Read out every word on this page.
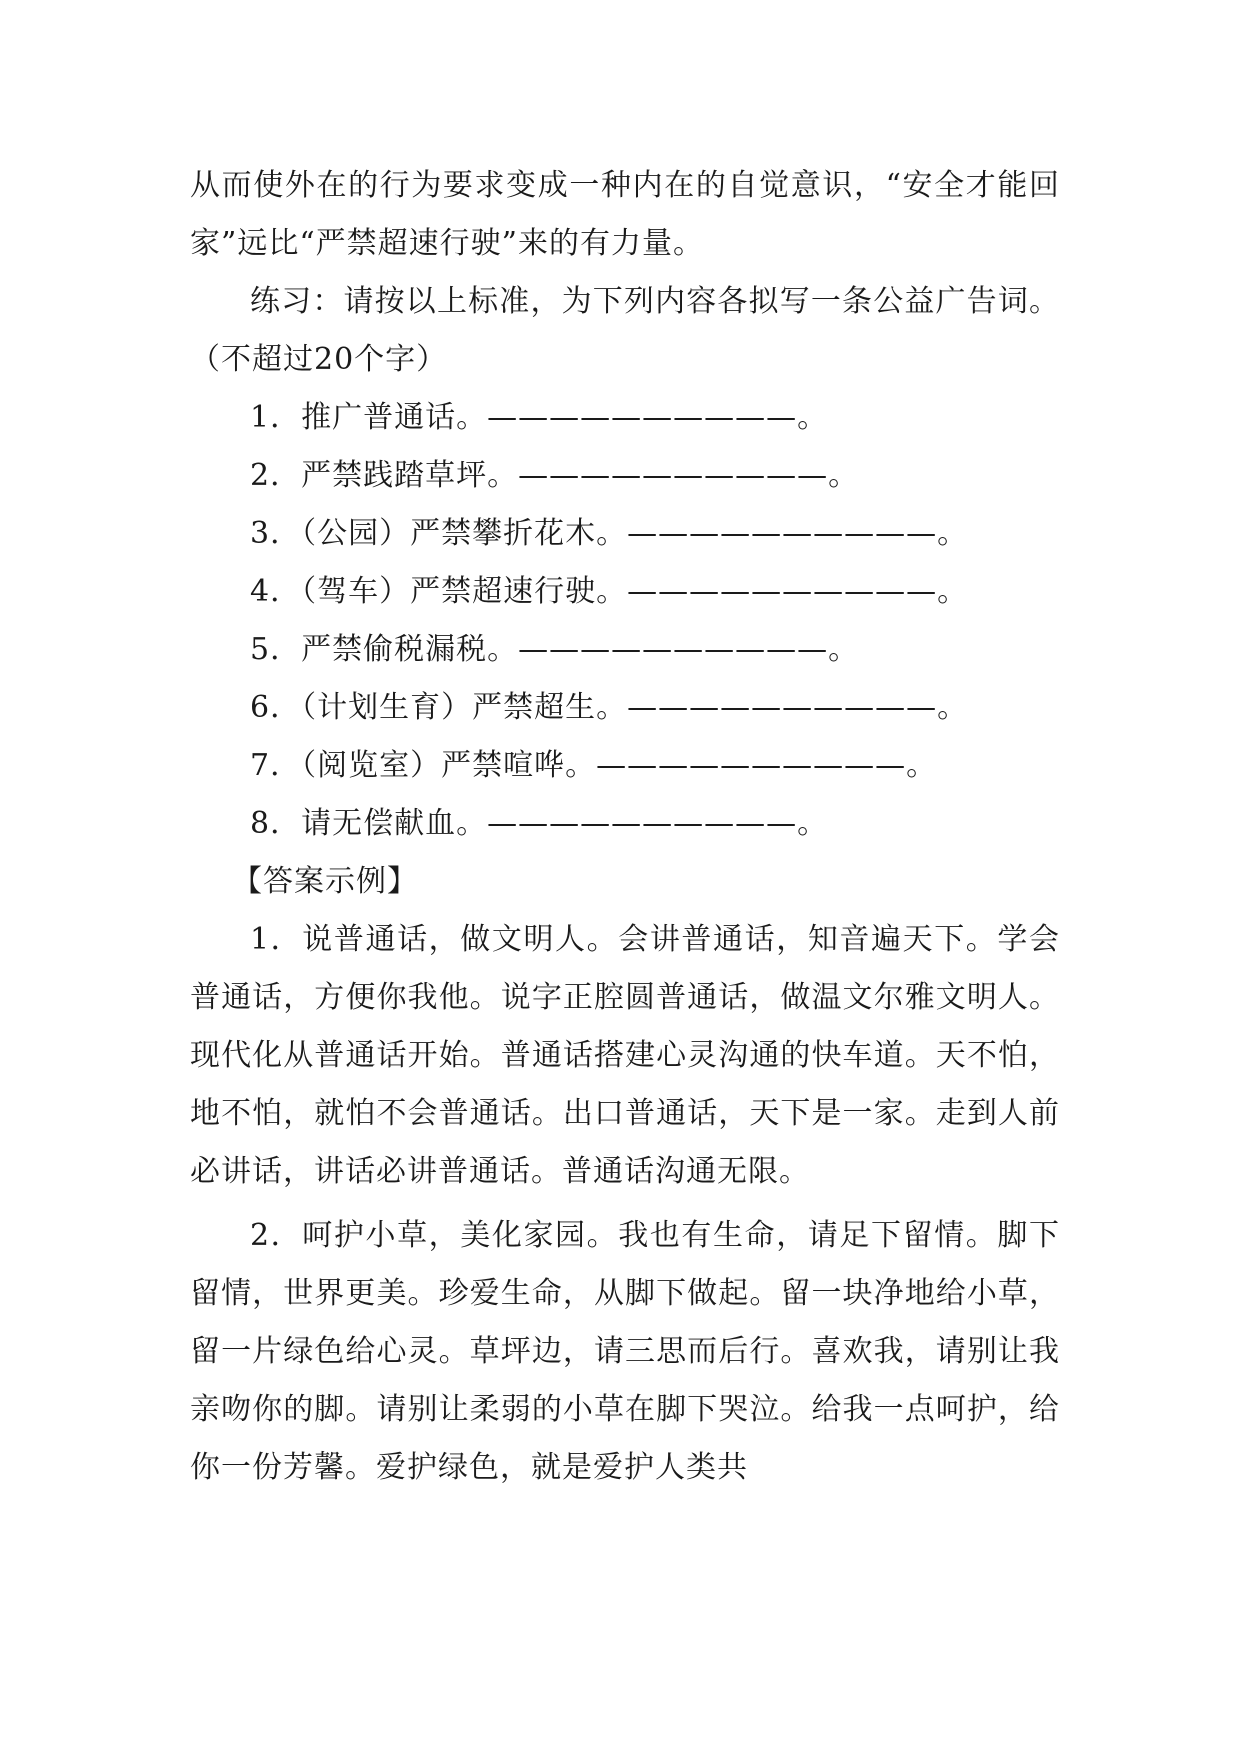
从而使外在的行为要求变成一种内在的自觉意识，“安全才能回家”远比“严禁超速行驶”来的有力量。

练习：请按以上标准，为下列内容各拟写一条公益广告词。（不超过20个字）

1．推广普通话。——————————。

2．严禁践踏草坪。——————————。

3．（公园）严禁攀折花木。——————————。

4．（驾车）严禁超速行驶。——————————。

5．严禁偷税漏税。——————————。

6．（计划生育）严禁超生。——————————。

7．（阅览室）严禁喧哗。——————————。

8．请无偿献血。——————————。

【答案示例】

1．说普通话，做文明人。会讲普通话，知音遍天下。学会普通话，方便你我他。说字正腔圆普通话，做温文尔雅文明人。现代化从普通话开始。普通话搭建心灵沟通的快车道。天不怕，地不怕，就怕不会普通话。出口普通话，天下是一家。走到人前必讲话，讲话必讲普通话。普通话沟通无限。

2．呵护小草，美化家园。我也有生命，请足下留情。脚下留情，世界更美。珍爱生命，从脚下做起。留一块净地给小草，留一片绿色给心灵。草坪边，请三思而后行。喜欢我，请别让我亲吻你的脚。请别让柔弱的小草在脚下哭泣。给我一点呵护，给你一份芳馨。爱护绿色，就是爱护人类共
